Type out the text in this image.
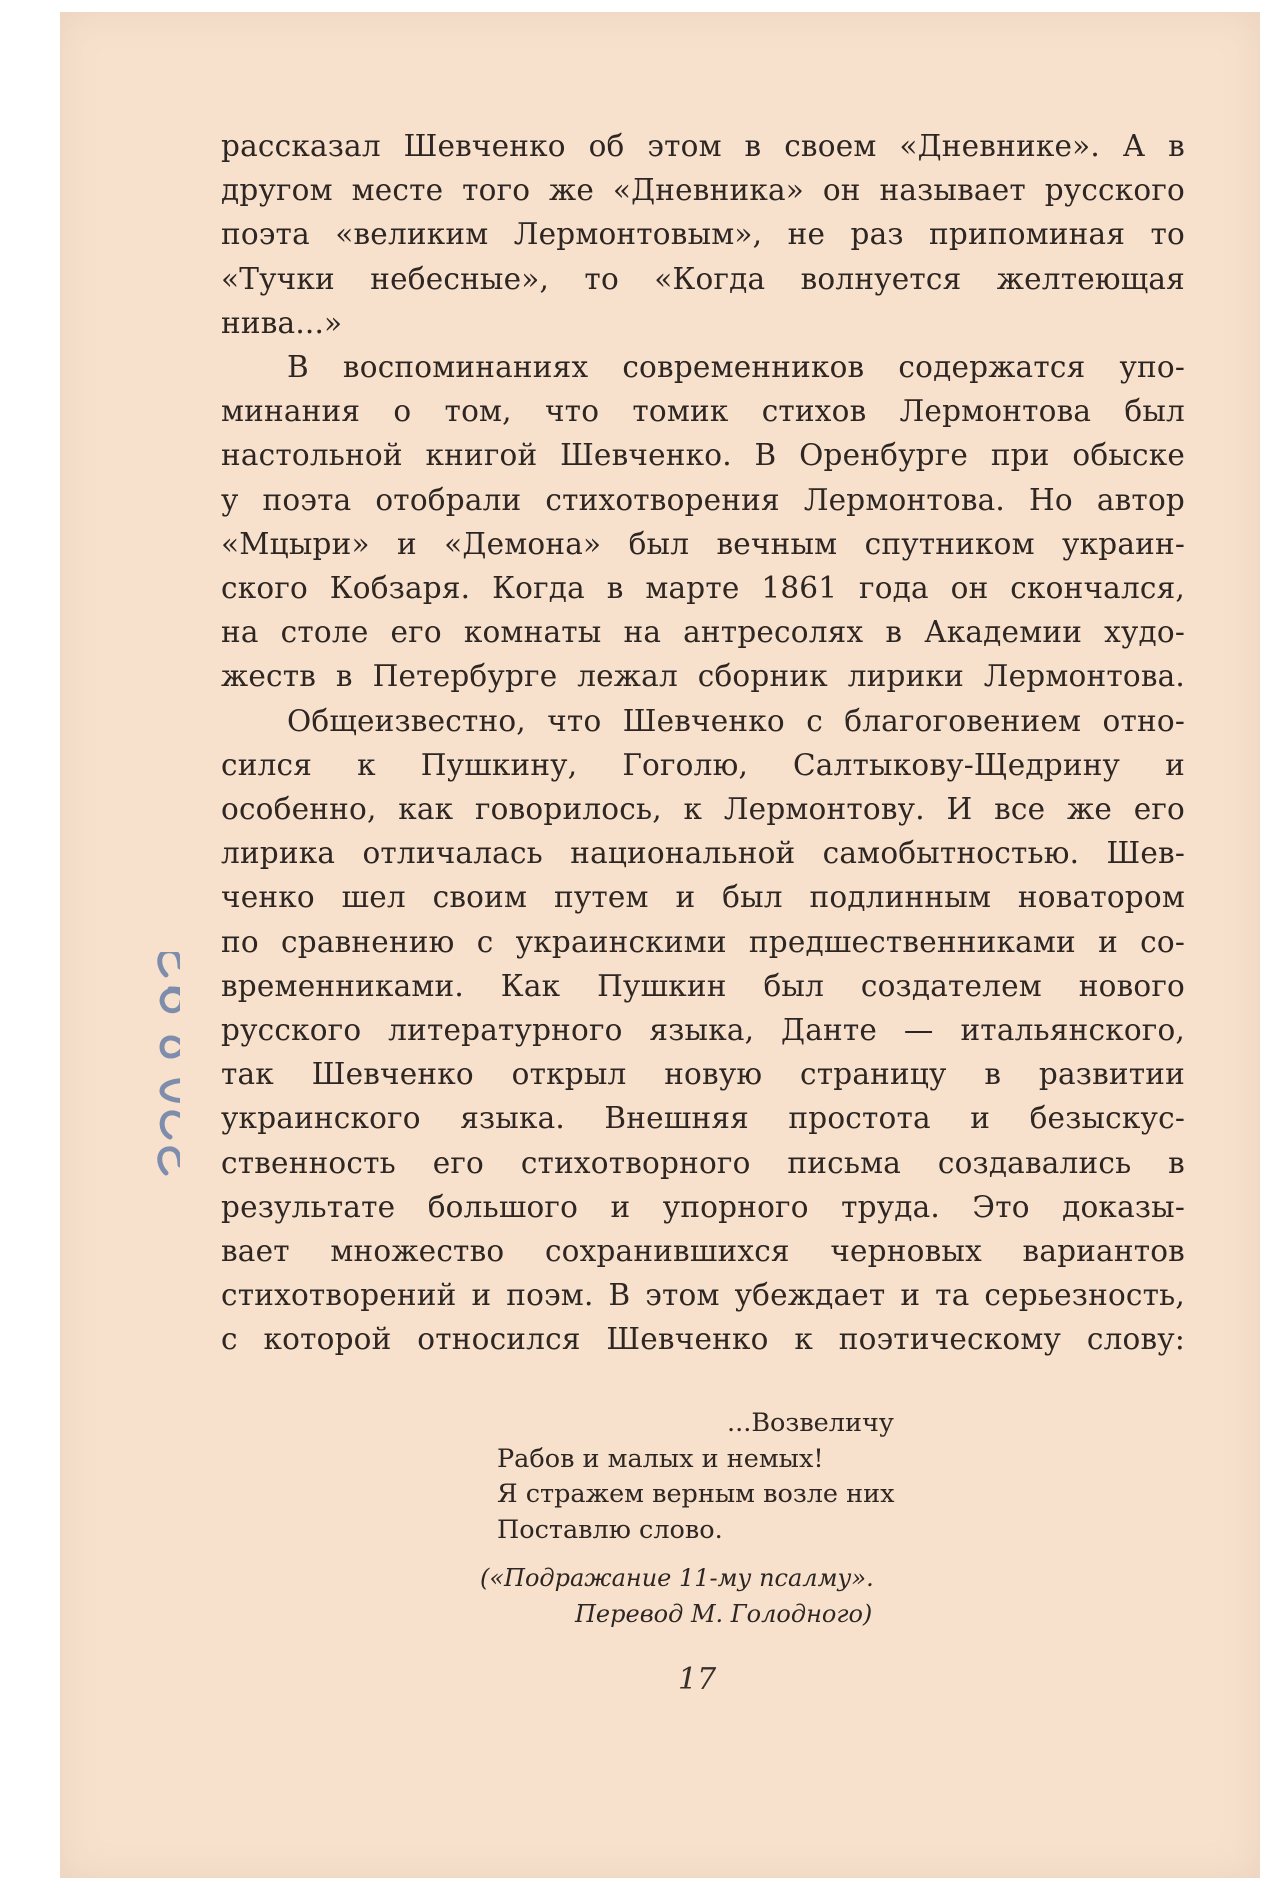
рассказал Шевченко об этом в своем «Дневнике». А в
другом месте того же «Дневника» он называет русского
поэта «великим Лермонтовым», не раз припоминая то
«Тучки небесные», то «Когда волнуется желтеющая
нива...»

В воспоминаниях современников содержатся упо-
минания о том, что томик стихов Лермонтова был
настольной книгой Шевченко. В Оренбурге при обыске
у поэта отобрали стихотворения Лермонтова. Но автор
«Мцыри» и «Демона» был вечным спутником украин-
ского Кобзаря. Когда в марте 1861 года он скончался,
на столе его комнаты на антресолях в Академии худо-
жеств в Петербурге лежал сборник лирики Лермонтова.

Общеизвестно, что Шевченко с благоговением отно-
сился к Пушкину, Гоголю, Салтыкову-Щедрину и
особенно, как говорилось, к Лермонтову. И все же его
лирика отличалась национальной самобытностью. Шев-
ченко шел своим путем и был подлинным новатором
по сравнению с украинскими предшественниками и со-
временниками. Как Пушкин был создателем нового
русского литературного языка, Данте — итальянского,
так Шевченко открыл новую страницу в развитии
украинского языка. Внешняя простота и безыскус-
ственность его стихотворного письма создавались в
результате большого и упорного труда. Это доказы-
вает множество сохранившихся черновых вариантов
стихотворений и поэм. В этом убеждает и та серьезность,
с которой относился Шевченко к поэтическому слову:

...Возвеличу
Рабов и малых и немых!
Я стражем верным возле них
Поставлю слово.
(«Подражание 11-му псалму».
Перевод М. Голодного)
17
